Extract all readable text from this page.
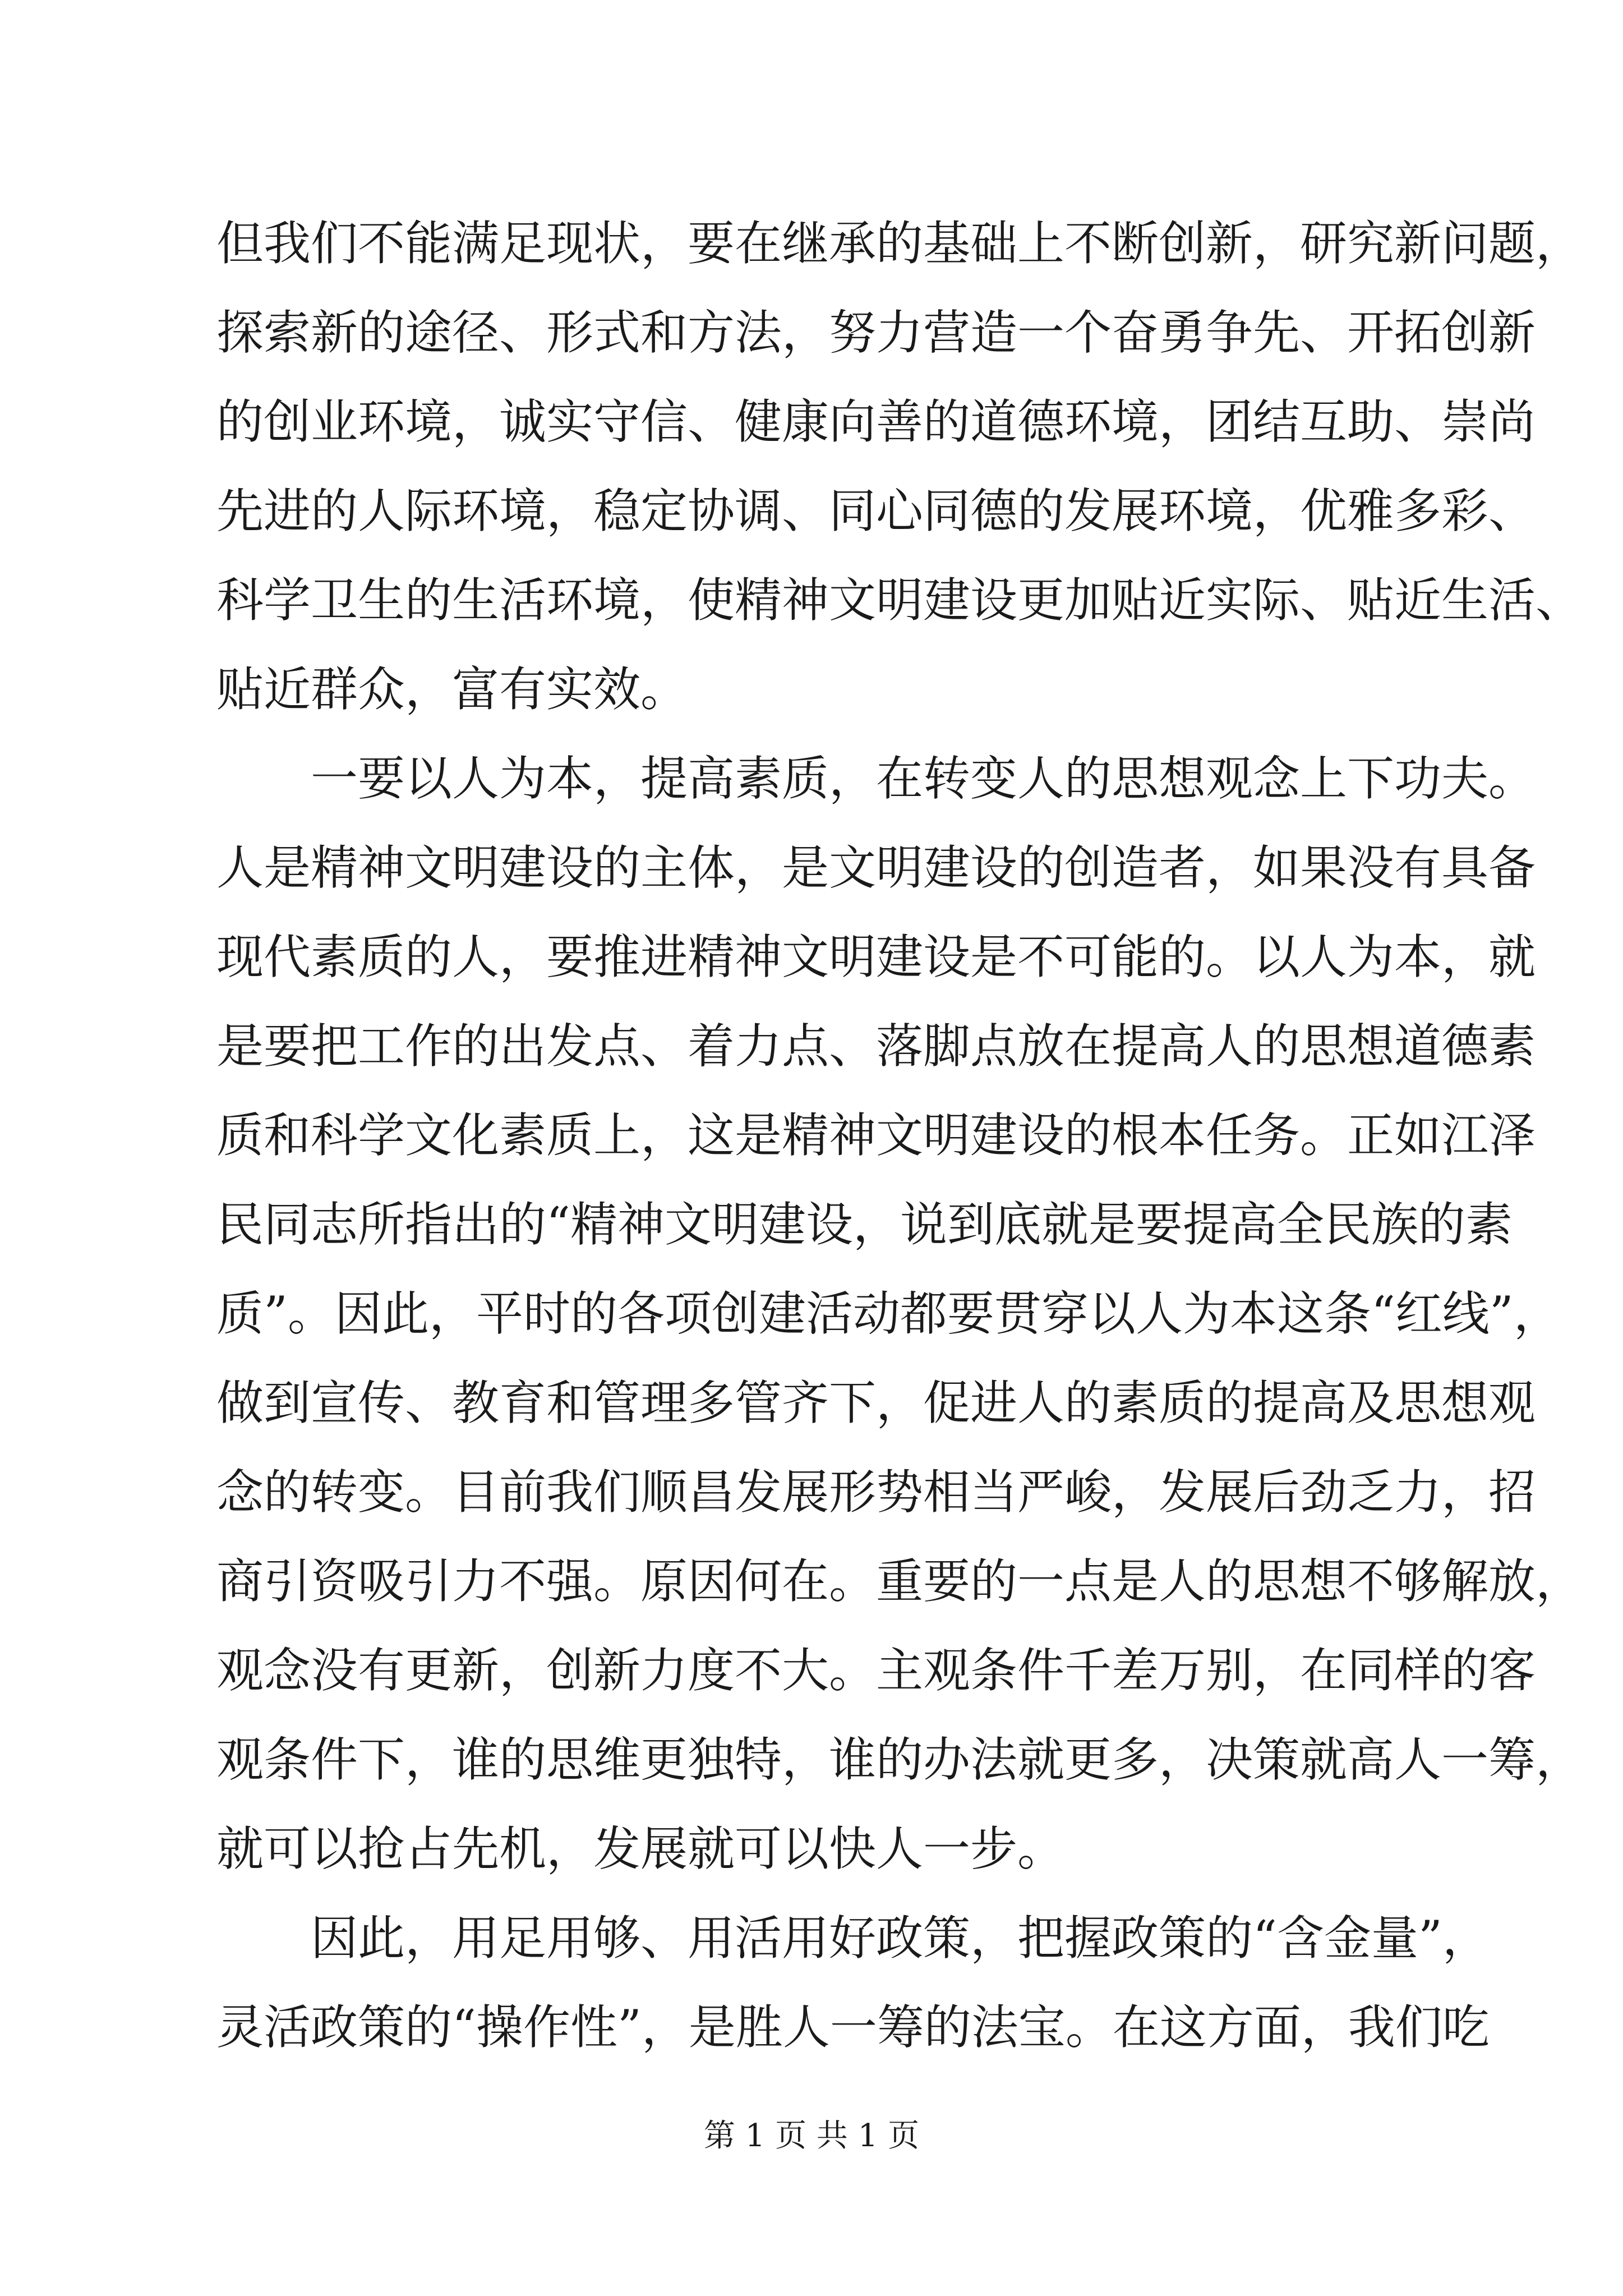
但我们不能满足现状，要在继承的基础上不断创新，研究新问题，
探索新的途径、形式和方法，努力营造一个奋勇争先、开拓创新
的创业环境，诚实守信、健康向善的道德环境，团结互助、崇尚
先进的人际环境，稳定协调、同心同德的发展环境，优雅多彩、
科学卫生的生活环境，使精神文明建设更加贴近实际、贴近生活、
贴近群众，富有实效。
　　一要以人为本，提高素质，在转变人的思想观念上下功夫。
人是精神文明建设的主体，是文明建设的创造者，如果没有具备
现代素质的人，要推进精神文明建设是不可能的。以人为本，就
是要把工作的出发点、着力点、落脚点放在提高人的思想道德素
质和科学文化素质上，这是精神文明建设的根本任务。正如江泽
民同志所指出的“精神文明建设，说到底就是要提高全民族的素
质”。因此，平时的各项创建活动都要贯穿以人为本这条“红线”，
做到宣传、教育和管理多管齐下，促进人的素质的提高及思想观
念的转变。目前我们顺昌发展形势相当严峻，发展后劲乏力，招
商引资吸引力不强。原因何在。重要的一点是人的思想不够解放，
观念没有更新，创新力度不大。主观条件千差万别，在同样的客
观条件下，谁的思维更独特，谁的办法就更多，决策就高人一筹，
就可以抢占先机，发展就可以快人一步。
　　因此，用足用够、用活用好政策，把握政策的“含金量”，
灵活政策的“操作性”，是胜人一筹的法宝。在这方面，我们吃
第 1 页 共 1 页
